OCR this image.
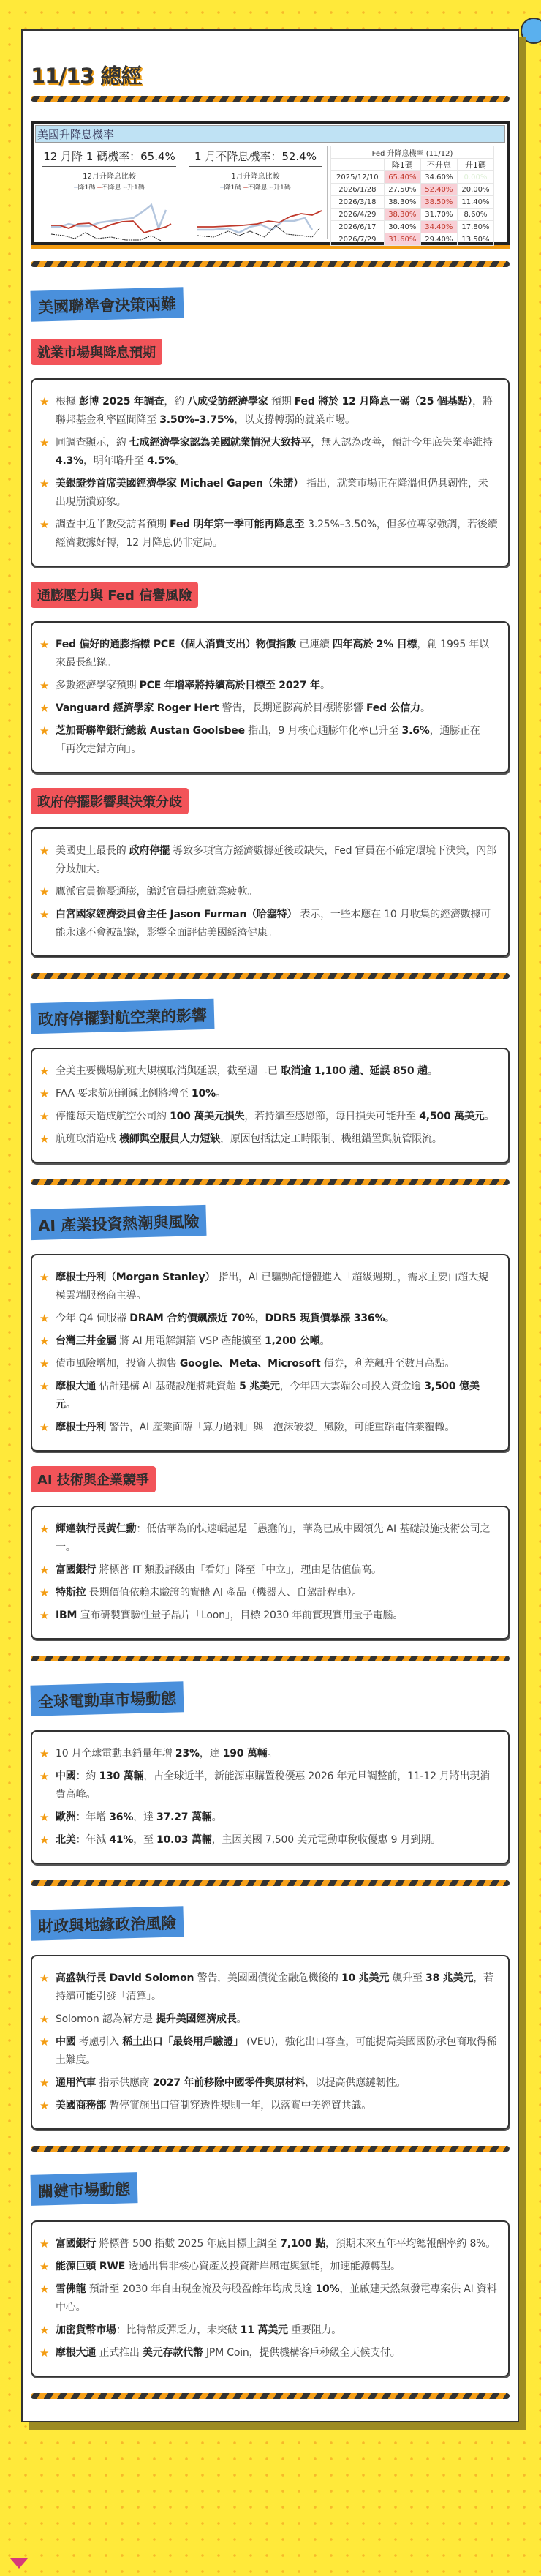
11/13 總經
美國升降息機率
12 月降 1 碼機率：65.4%
12月升降息比較
━降1碼 ━不降息 ┈升1碼
1 月不降息機率：52.4%
1月升降息比較
━降1碼 ━不降息 ┈升1碼
Fed 升降息機率 (11/12)			
	降1碼	不升息	升1碼
2025/12/10	65.40%	34.60%	0.00%
2026/1/28	27.50%	52.40%	20.00%
2026/3/18	38.30%	38.50%	11.40%
2026/4/29	38.30%	31.70%	8.60%
2026/6/17	30.40%	34.40%	17.80%
2026/7/29	31.60%	29.40%	13.50%
美國聯準會決策兩難
就業市場與降息預期
★ 根據 彭博 2025 年調查，約 八成受訪經濟學家 預期 Fed 將於 12 月降息一碼（25 個基點），將聯邦基金利率區間降至 3.50%–3.75%，以支撐轉弱的就業市場。
★ 同調查顯示，約 七成經濟學家認為美國就業情況大致持平，無人認為改善，預計今年底失業率維持 4.3%，明年略升至 4.5%。
★ 美銀證券首席美國經濟學家 Michael Gapen（朱諾） 指出，就業市場正在降溫但仍具韌性，未出現崩潰跡象。
★ 調查中近半數受訪者預期 Fed 明年第一季可能再降息至 3.25%–3.50%，但多位專家強調，若後續經濟數據好轉，12 月降息仍非定局。
通膨壓力與 Fed 信譽風險
★ Fed 偏好的通膨指標 PCE（個人消費支出）物價指數 已連續 四年高於 2% 目標，創 1995 年以來最長紀錄。
★ 多數經濟學家預期 PCE 年增率將持續高於目標至 2027 年。
★ Vanguard 經濟學家 Roger Hert 警告，長期通膨高於目標將影響 Fed 公信力。
★ 芝加哥聯準銀行總裁 Austan Goolsbee 指出，9 月核心通膨年化率已升至 3.6%，通膨正在「再次走錯方向」。
政府停擺影響與決策分歧
★ 美國史上最長的 政府停擺 導致多項官方經濟數據延後或缺失，Fed 官員在不確定環境下決策，內部分歧加大。
★ 鷹派官員擔憂通膨，鴿派官員掛慮就業疲軟。
★ 白宮國家經濟委員會主任 Jason Furman（哈塞特） 表示，一些本應在 10 月收集的經濟數據可能永遠不會被記錄，影響全面評估美國經濟健康。
政府停擺對航空業的影響
★ 全美主要機場航班大規模取消與延誤，截至週二已 取消逾 1,100 趟、延誤 850 趟。
★ FAA 要求航班削減比例將增至 10%。
★ 停擺每天造成航空公司約 100 萬美元損失，若持續至感恩節，每日損失可能升至 4,500 萬美元。
★ 航班取消造成 機師與空服員人力短缺，原因包括法定工時限制、機組錯置與航管限流。
AI 產業投資熱潮與風險
★ 摩根士丹利（Morgan Stanley） 指出，AI 已驅動記憶體進入「超級週期」，需求主要由超大規模雲端服務商主導。
★ 今年 Q4 伺服器 DRAM 合約價飆漲近 70%，DDR5 現貨價暴漲 336%。
★ 台灣三井金屬 將 AI 用電解銅箔 VSP 產能擴至 1,200 公噸。
★ 債市風險增加，投資人拋售 Google、Meta、Microsoft 債券，利差飆升至數月高點。
★ 摩根大通 估計建構 AI 基礎設施將耗資超 5 兆美元，今年四大雲端公司投入資金逾 3,500 億美元。
★ 摩根士丹利 警告，AI 產業面臨「算力過剩」與「泡沫破裂」風險，可能重蹈電信業覆轍。
AI 技術與企業競爭
★ 輝達執行長黃仁勳：低估華為的快速崛起是「愚蠢的」，華為已成中國領先 AI 基礎設施技術公司之一。
★ 富國銀行 將標普 IT 類股評級由「看好」降至「中立」，理由是估值偏高。
★ 特斯拉 長期價值依賴未驗證的實體 AI 產品（機器人、自駕計程車）。
★ IBM 宣布研製實驗性量子晶片「Loon」，目標 2030 年前實現實用量子電腦。
全球電動車市場動態
★ 10 月全球電動車銷量年增 23%，達 190 萬輛。
★ 中國：約 130 萬輛，占全球近半，新能源車購置稅優惠 2026 年元旦調整前，11-12 月將出現消費高峰。
★ 歐洲：年增 36%，達 37.27 萬輛。
★ 北美：年減 41%，至 10.03 萬輛，主因美國 7,500 美元電動車稅收優惠 9 月到期。
財政與地緣政治風險
★ 高盛執行長 David Solomon 警告，美國國債從金融危機後的 10 兆美元 飆升至 38 兆美元，若持續可能引發「清算」。
★ Solomon 認為解方是 提升美國經濟成長。
★ 中國 考慮引入 稀土出口「最終用戶驗證」 (VEU)，強化出口審查，可能提高美國國防承包商取得稀土難度。
★ 通用汽車 指示供應商 2027 年前移除中國零件與原材料，以提高供應鏈韌性。
★ 美國商務部 暫停實施出口管制穿透性規則一年，以落實中美經貿共識。
關鍵市場動態
★ 富國銀行 將標普 500 指數 2025 年底目標上調至 7,100 點，預期未來五年平均總報酬率約 8%。
★ 能源巨頭 RWE 透過出售非核心資產及投資離岸風電與氫能，加速能源轉型。
★ 雪佛龍 預計至 2030 年自由現金流及每股盈餘年均成長逾 10%，並啟建天然氣發電專案供 AI 資料中心。
★ 加密貨幣市場：比特幣反彈乏力，未突破 11 萬美元 重要阻力。
★ 摩根大通 正式推出 美元存款代幣 JPM Coin，提供機構客戶秒級全天候支付。
